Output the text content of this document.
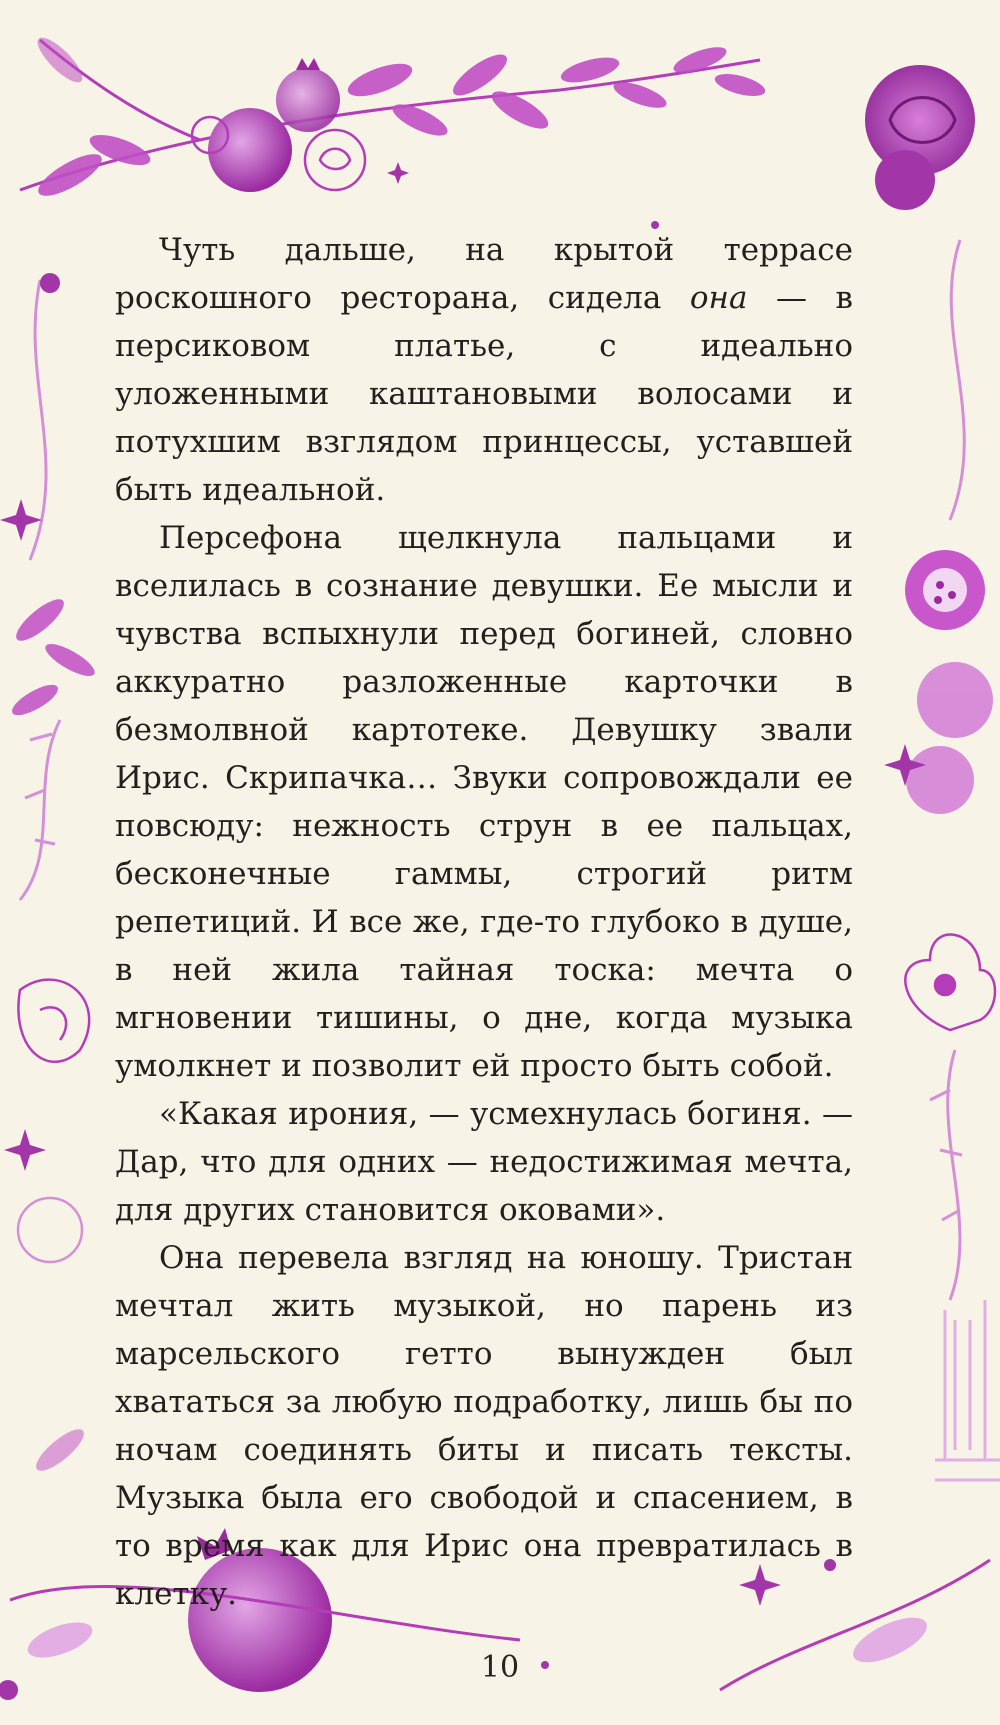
Чуть дальше, на крытой террасе роскошного ресторана, сидела она — в персиковом платье, с идеально уложенными каштановыми волосами и потухшим взглядом принцессы, уставшей быть идеальной.

Персефона щелкнула пальцами и вселилась в сознание девушки. Ее мысли и чувства вспыхнули перед богиней, словно аккуратно разложенные карточки в безмолвной картотеке. Девушку звали Ирис. Скрипачка… Звуки сопровождали ее повсюду: нежность струн в ее пальцах, бесконечные гаммы, строгий ритм репетиций. И все же, где-то глубоко в душе, в ней жила тайная тоска: мечта о мгновении тишины, о дне, когда музыка умолкнет и позволит ей просто быть собой.

«Какая ирония, — усмехнулась богиня. — Дар, что для одних — недостижимая мечта, для других становится оковами».

Она перевела взгляд на юношу. Тристан мечтал жить музыкой, но парень из марсельского гетто вынужден был хвататься за любую подработку, лишь бы по ночам соединять биты и писать тексты. Музыка была его свободой и спасением, в то время как для Ирис она превратилась в клетку.

10
